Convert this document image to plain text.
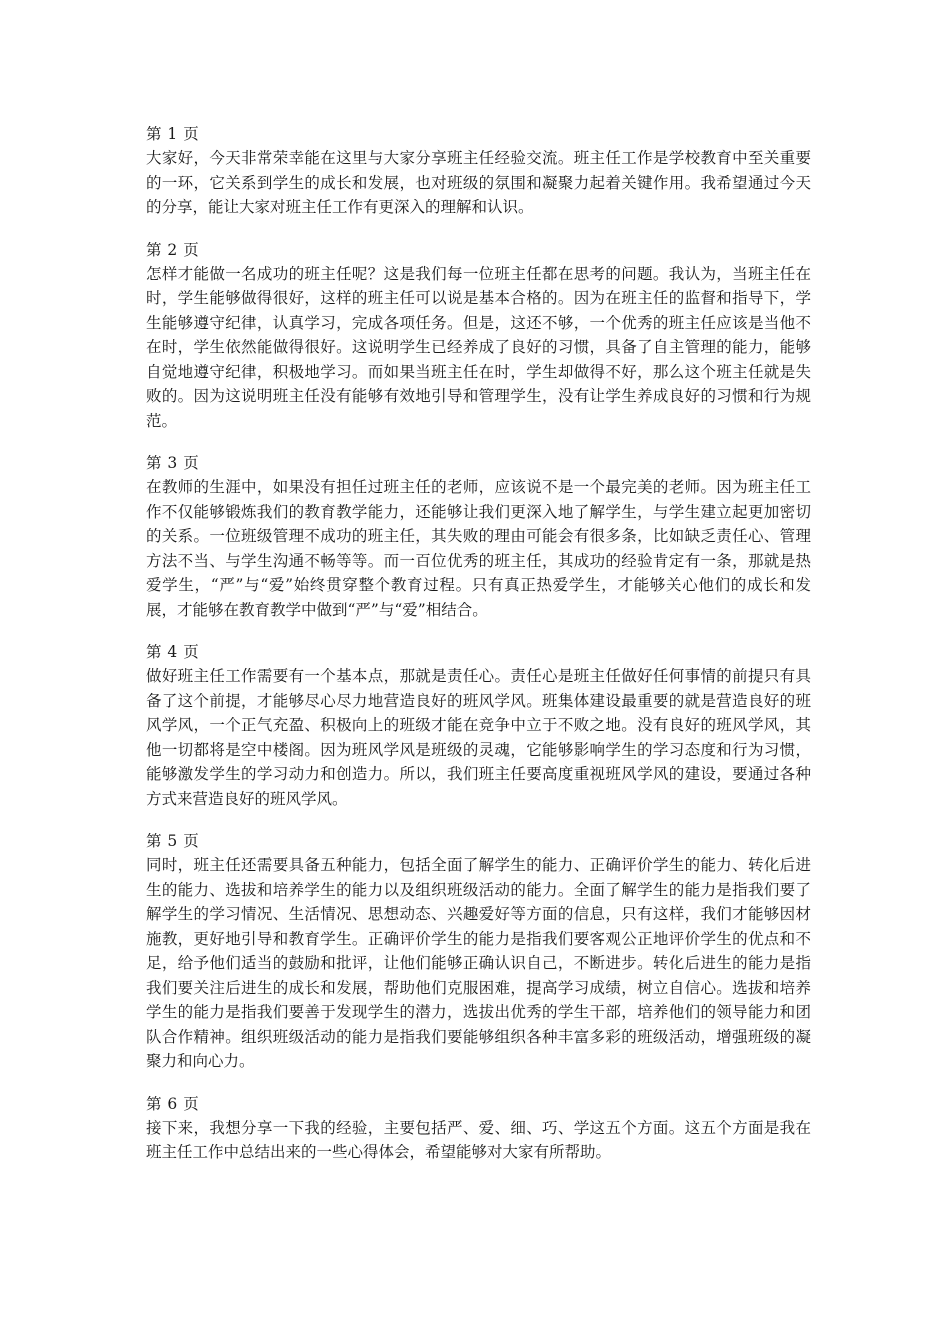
第 1 页

大家好，今天非常荣幸能在这里与大家分享班主任经验交流。班主任工作是学校教育中至关重要的一环，它关系到学生的成长和发展，也对班级的氛围和凝聚力起着关键作用。我希望通过今天的分享，能让大家对班主任工作有更深入的理解和认识。

第 2 页

怎样才能做一名成功的班主任呢？这是我们每一位班主任都在思考的问题。我认为，当班主任在时，学生能够做得很好，这样的班主任可以说是基本合格的。因为在班主任的监督和指导下，学生能够遵守纪律，认真学习，完成各项任务。但是，这还不够，一个优秀的班主任应该是当他不在时，学生依然能做得很好。这说明学生已经养成了良好的习惯，具备了自主管理的能力，能够自觉地遵守纪律，积极地学习。而如果当班主任在时，学生却做得不好，那么这个班主任就是失败的。因为这说明班主任没有能够有效地引导和管理学生，没有让学生养成良好的习惯和行为规范。

第 3 页

在教师的生涯中，如果没有担任过班主任的老师，应该说不是一个最完美的老师。因为班主任工作不仅能够锻炼我们的教育教学能力，还能够让我们更深入地了解学生，与学生建立起更加密切的关系。一位班级管理不成功的班主任，其失败的理由可能会有很多条，比如缺乏责任心、管理方法不当、与学生沟通不畅等等。而一百位优秀的班主任，其成功的经验肯定有一条，那就是热爱学生，“严”与“爱”始终贯穿整个教育过程。只有真正热爱学生，才能够关心他们的成长和发展，才能够在教育教学中做到“严”与“爱”相结合。

第 4 页

做好班主任工作需要有一个基本点，那就是责任心。责任心是班主任做好任何事情的前提只有具备了这个前提，才能够尽心尽力地营造良好的班风学风。班集体建设最重要的就是营造良好的班风学风，一个正气充盈、积极向上的班级才能在竞争中立于不败之地。没有良好的班风学风，其他一切都将是空中楼阁。因为班风学风是班级的灵魂，它能够影响学生的学习态度和行为习惯，能够激发学生的学习动力和创造力。所以，我们班主任要高度重视班风学风的建设，要通过各种方式来营造良好的班风学风。

第 5 页

同时，班主任还需要具备五种能力，包括全面了解学生的能力、正确评价学生的能力、转化后进生的能力、选拔和培养学生的能力以及组织班级活动的能力。全面了解学生的能力是指我们要了解学生的学习情况、生活情况、思想动态、兴趣爱好等方面的信息，只有这样，我们才能够因材施教，更好地引导和教育学生。正确评价学生的能力是指我们要客观公正地评价学生的优点和不足，给予他们适当的鼓励和批评，让他们能够正确认识自己，不断进步。转化后进生的能力是指我们要关注后进生的成长和发展，帮助他们克服困难，提高学习成绩，树立自信心。选拔和培养学生的能力是指我们要善于发现学生的潜力，选拔出优秀的学生干部，培养他们的领导能力和团队合作精神。组织班级活动的能力是指我们要能够组织各种丰富多彩的班级活动，增强班级的凝聚力和向心力。

第 6 页

接下来，我想分享一下我的经验，主要包括严、爱、细、巧、学这五个方面。这五个方面是我在班主任工作中总结出来的一些心得体会，希望能够对大家有所帮助。
